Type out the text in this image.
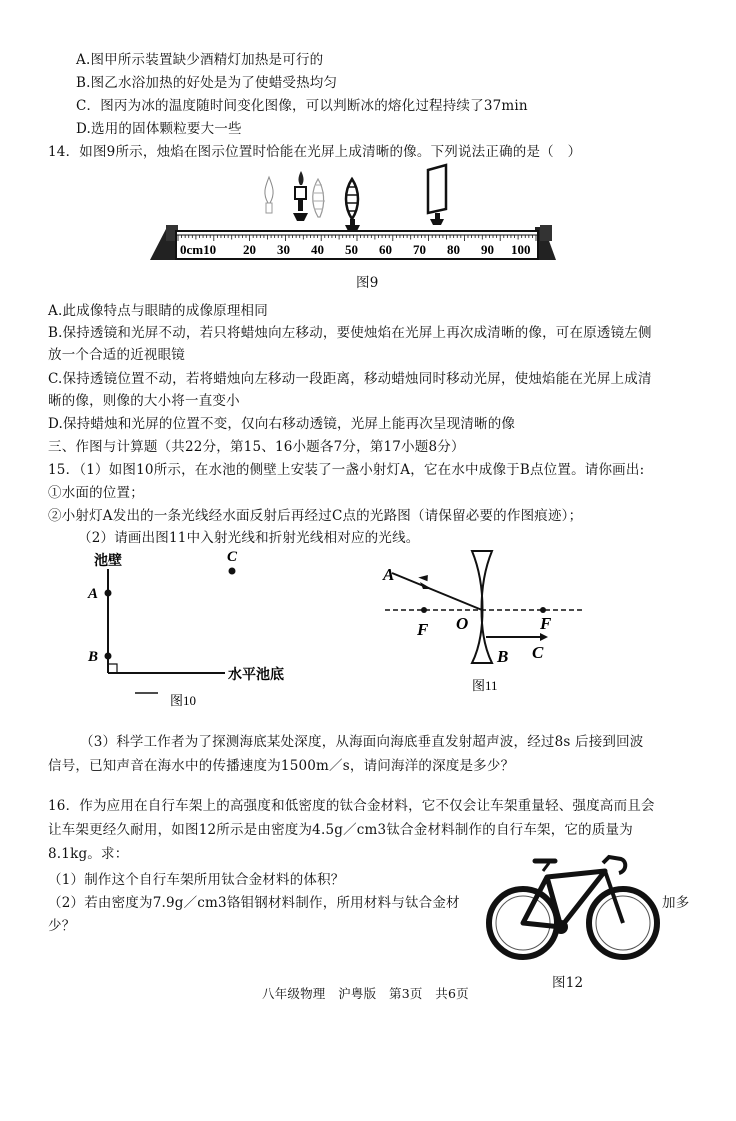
A.图甲所示装置缺少酒精灯加热是可行的
B.图乙水浴加热的好处是为了使蜡受热均匀
C．图丙为冰的温度随时间变化图像，可以判断冰的熔化过程持续了37min
D.选用的固体颗粒要大一些
14．如图9所示，烛焰在图示位置时恰能在光屏上成清晰的像。下列说法正确的是（　）
0cm10 20 30 40 50 60 70 80 90 100
图9
A.此成像特点与眼睛的成像原理相同
B.保持透镜和光屏不动，若只将蜡烛向左移动，要使烛焰在光屏上再次成清晰的像，可在原透镜左侧
放一个合适的近视眼镜
C.保持透镜位置不动，若将蜡烛向左移动一段距离，移动蜡烛同时移动光屏，使烛焰能在光屏上成清
晰的像，则像的大小将一直变小
D.保持蜡烛和光屏的位置不变，仅向右移动透镜，光屏上能再次呈现清晰的像
三、作图与计算题（共22分，第15、16小题各7分，第17小题8分）
15．（1）如图10所示，在水池的侧壁上安装了一盏小射灯A，它在水中成像于B点位置。请你画出:
①水面的位置；
②小射灯A发出的一条光线经水面反射后再经过C点的光路图（请保留必要的作图痕迹）；
（2）请画出图11中入射光线和折射光线相对应的光线。
池壁
A
B
C
水平池底
图10
A
F O	F
B C
图11
（3）科学工作者为了探测海底某处深度，从海面向海底垂直发射超声波，经过8s 后接到回波
信号，已知声音在海水中的传播速度为1500m／s，请问海洋的深度是多少？
16．作为应用在自行车架上的高强度和低密度的钛合金材料，它不仅会让车架重量轻、强度高而且会
让车架更经久耐用，如图12所示是由密度为4.5g／cm3钛合金材料制作的自行车架，它的质量为
8.1kg。求：
（1）制作这个自行车架所用钛合金材料的体积？
（2）若由密度为7.9g／cm3铬钼钢材料制作，所用材料与钛合金材	加多
少？
图12
八年级物理　沪粤版　第3页　共6页
